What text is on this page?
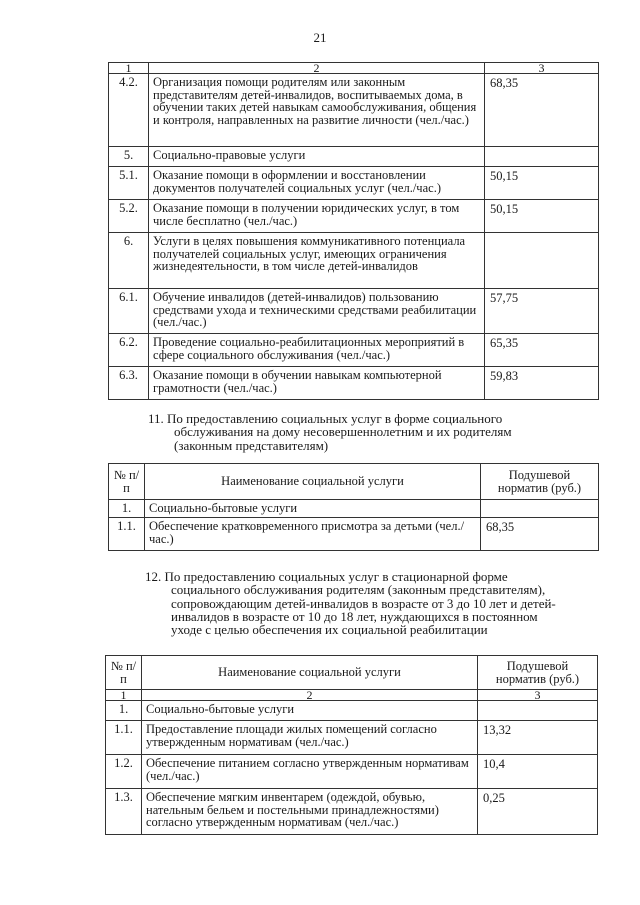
21
1	2	3
4.2.	Организация помощи родителям или законным представителям детей-инвалидов, воспитываемых дома, в обучении таких детей навыкам самообслуживания, общения и контроля, направленных на развитие личности (чел./час.)	68,35
5.	Социально-правовые услуги	
5.1.	Оказание помощи в оформлении и восстановлении документов получателей социальных услуг (чел./час.)	50,15
5.2.	Оказание помощи в получении юридических услуг, в том числе бесплатно (чел./час.)	50,15
6.	Услуги в целях повышения коммуникативного потенциала получателей социальных услуг, имеющих ограничения жизнедеятельности, в том числе детей-инвалидов	
6.1.	Обучение инвалидов (детей-инвалидов) пользованию средствами ухода и техническими средствами реабилитации (чел./час.)	57,75
6.2.	Проведение социально-реабилитационных мероприятий в сфере социального обслуживания (чел./час.)	65,35
6.3.	Оказание помощи в обучении навыкам компьютерной грамотности (чел./час.)	59,83
11. По предоставлению социальных услуг в форме социального
обслуживания на дому несовершеннолетним и их родителям (законным представителям)
№ п/п	Наименование социальной услуги	Подушевой норматив (руб.)
1.	Социально-бытовые услуги	
1.1.	Обеспечение кратковременного присмотра за детьми (чел./час.)	68,35
12. По предоставлению социальных услуг в стационарной форме
социального обслуживания родителям (законным представителям), сопровождающим детей-инвалидов в возрасте от 3 до 10 лет и детей-инвалидов в возрасте от 10 до 18 лет, нуждающихся в постоянном уходе с целью обеспечения их социальной реабилитации
№ п/п	Наименование социальной услуги	Подушевой норматив (руб.)
1	2	3
1.	Социально-бытовые услуги	
1.1.	Предоставление площади жилых помещений согласно утвержденным нормативам (чел./час.)	13,32
1.2.	Обеспечение питанием согласно утвержденным нормативам (чел./час.)	10,4
1.3.	Обеспечение мягким инвентарем (одеждой, обувью, нательным бельем и постельными принадлежностями) согласно утвержденным нормативам (чел./час.)	0,25
